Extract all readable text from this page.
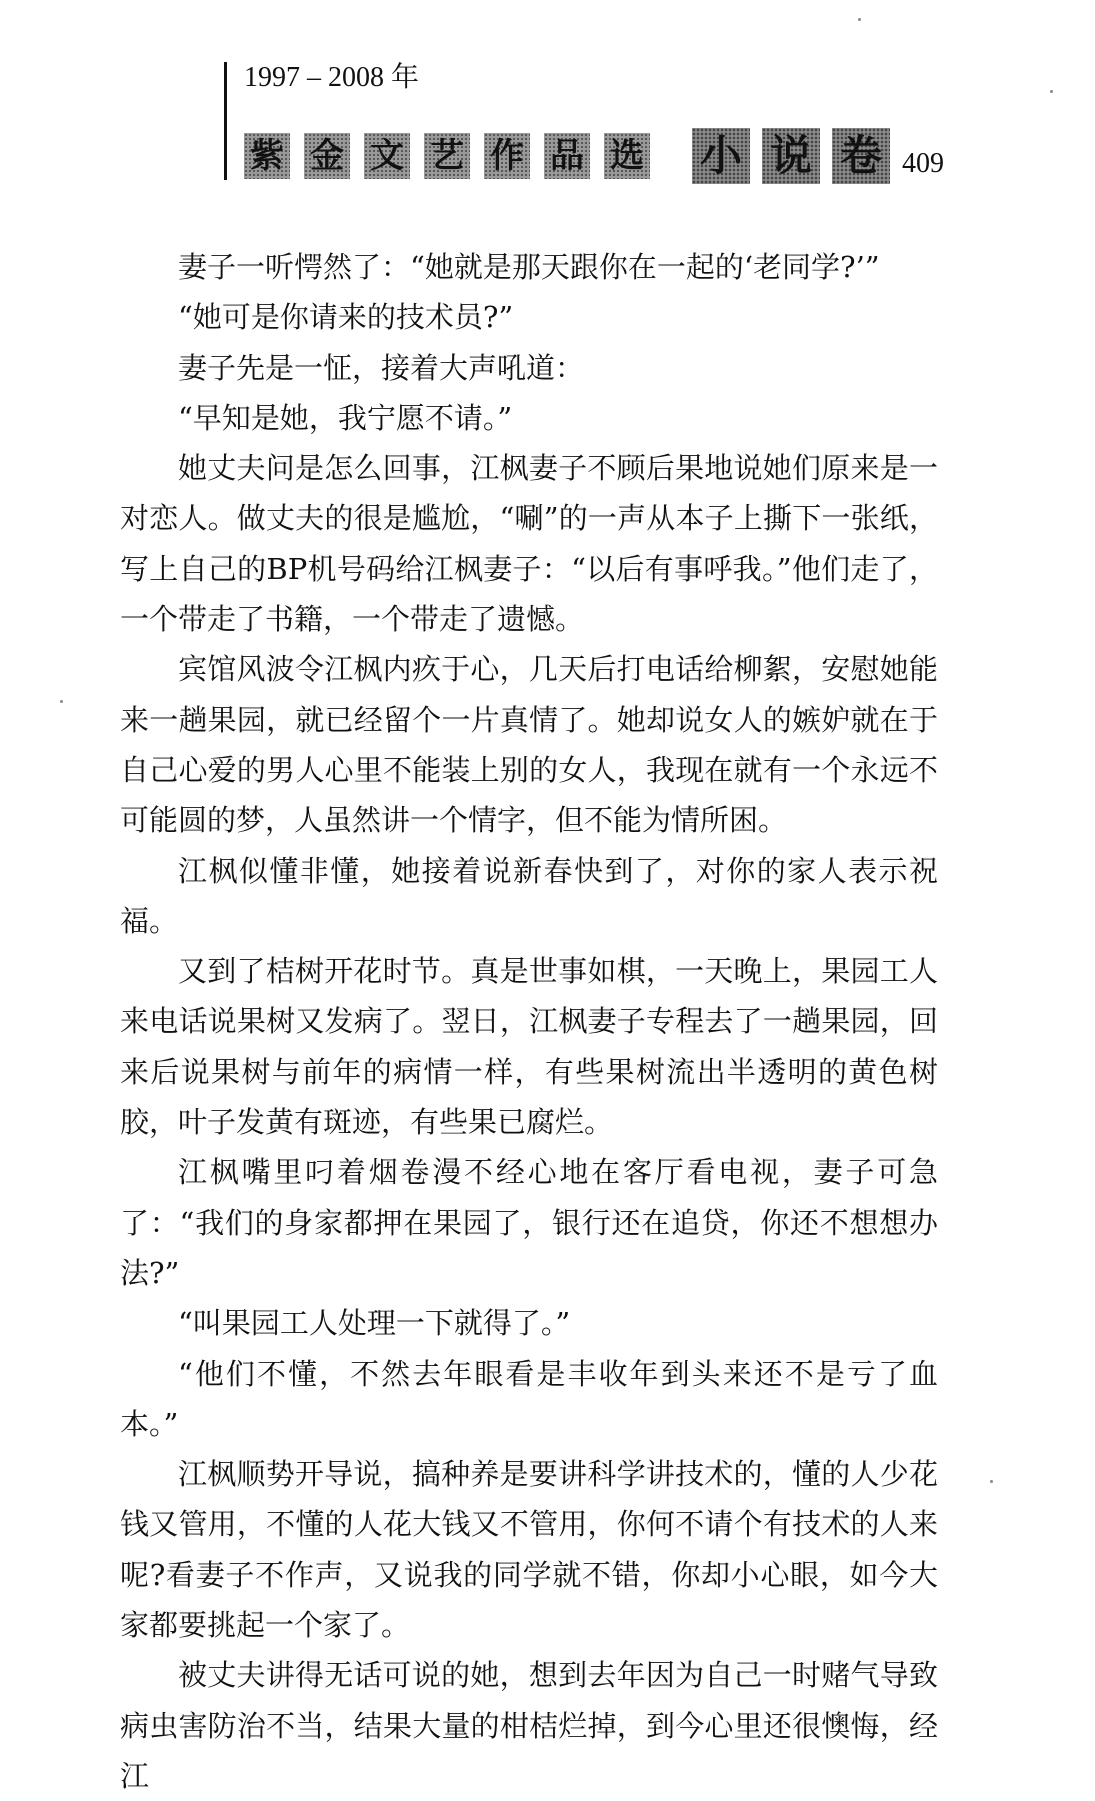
1997 – 2008 年
紫 金 文 艺 作 品 选 小 说 卷 409

妻子一听愕然了：“她就是那天跟你在一起的‘老同学?’”

“她可是你请来的技术员?”

妻子先是一怔，接着大声吼道：

“早知是她，我宁愿不请。”

她丈夫问是怎么回事，江枫妻子不顾后果地说她们原来是一对恋人。做丈夫的很是尴尬，“唰”的一声从本子上撕下一张纸，写上自己的BP机号码给江枫妻子：“以后有事呼我。”他们走了，一个带走了书籍，一个带走了遗憾。

宾馆风波令江枫内疚于心，几天后打电话给柳絮，安慰她能来一趟果园，就已经留个一片真情了。她却说女人的嫉妒就在于自己心爱的男人心里不能装上别的女人，我现在就有一个永远不可能圆的梦，人虽然讲一个情字，但不能为情所困。

江枫似懂非懂，她接着说新春快到了，对你的家人表示祝福。

又到了桔树开花时节。真是世事如棋，一天晚上，果园工人来电话说果树又发病了。翌日，江枫妻子专程去了一趟果园，回来后说果树与前年的病情一样，有些果树流出半透明的黄色树胶，叶子发黄有斑迹，有些果已腐烂。

江枫嘴里叼着烟卷漫不经心地在客厅看电视，妻子可急了：“我们的身家都押在果园了，银行还在追贷，你还不想想办法?”

“叫果园工人处理一下就得了。”

“他们不懂，不然去年眼看是丰收年到头来还不是亏了血本。”

江枫顺势开导说，搞种养是要讲科学讲技术的，懂的人少花钱又管用，不懂的人花大钱又不管用，你何不请个有技术的人来呢?看妻子不作声，又说我的同学就不错，你却小心眼，如今大家都要挑起一个家了。

被丈夫讲得无话可说的她，想到去年因为自己一时赌气导致病虫害防治不当，结果大量的柑桔烂掉，到今心里还很懊悔，经江
